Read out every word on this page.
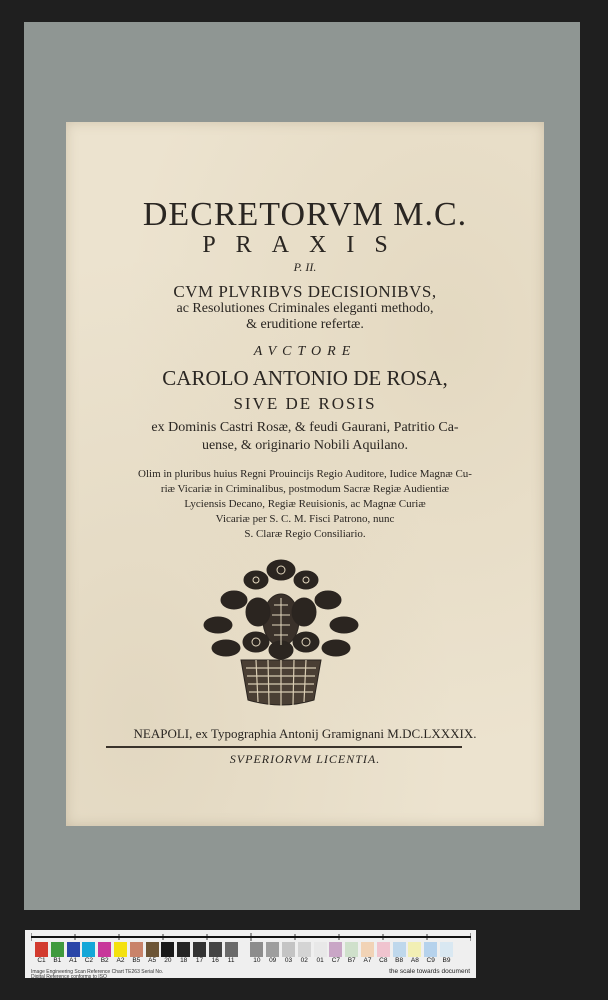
DECRETORVM M.C.
PRAXIS
P. II.
CVM PLVRIBVS DECISIONIBVS,
ac Resolutiones Criminales eleganti methodo,
& eruditione refertæ.
AVCTORE
CAROLO ANTONIO DE ROSA,
SIVE DE ROSIS
ex Dominis Castri Rosæ, & feudi Gaurani, Patritio Ca-
uense, & originario Nobili Aquilano.
Olim in pluribus huius Regni Prouincijs Regio Auditore, Iudice Magnæ Cu-
riæ Vicariæ in Criminalibus, postmodum Sacræ Regiæ Audientiæ
Lyciensis Decano, Regiæ Reuisionis, ac Magnæ Curiæ
Vicariæ per S. C. M. Fisci Patrono, nunc
S. Claræ Regio Consiliario.
NEAPOLI, ex Typographia Antonij Gramignani M.DC.LXXXIX.
SVPERIORVM LICENTIA.
C1	B1	A1	C2	B2	A2	B5	A5	20	18	17	16	11	10	09	03	02	01	C7	B7	A7	C8	B8	A8	C9	B9
Image Engineering Scan Reference Chart TE263 Serial No.
Digital Reference conforms to ISO
the scale towards document
